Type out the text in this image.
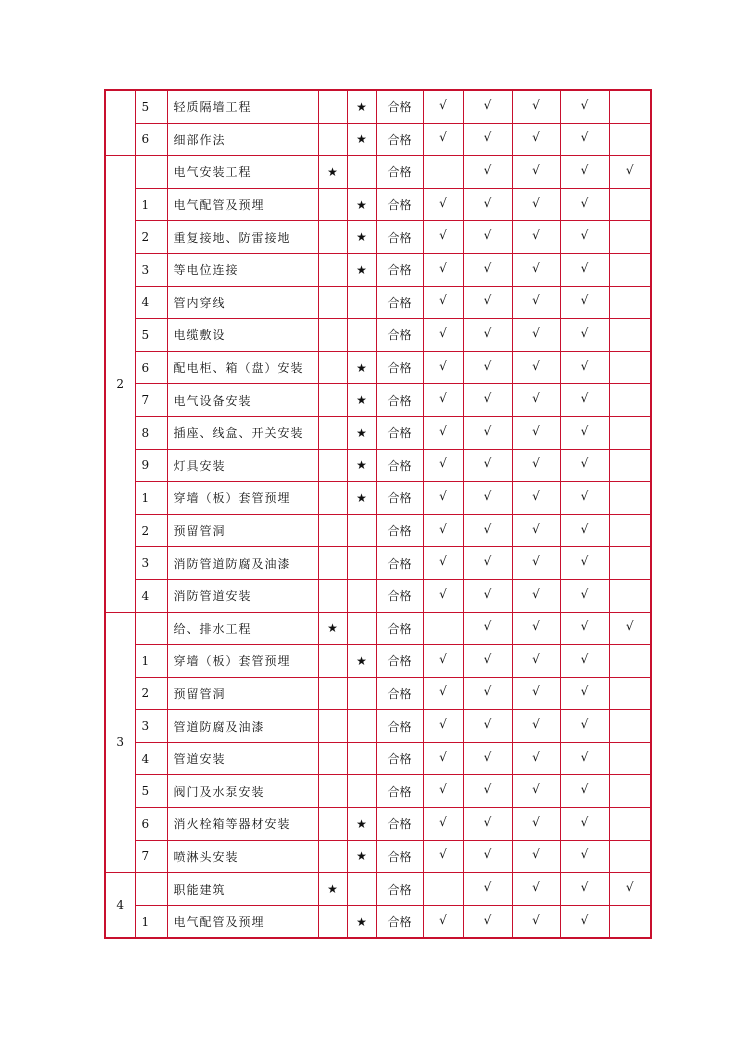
	5	轻质隔墙工程		★	合格	√	√	√	√	
	6	细部作法		★	合格	√	√	√	√	
2		电气安装工程	★		合格		√	√	√	√
	1	电气配管及预埋		★	合格	√	√	√	√	
	2	重复接地、防雷接地		★	合格	√	√	√	√	
	3	等电位连接		★	合格	√	√	√	√	
	4	管内穿线			合格	√	√	√	√	
	5	电缆敷设			合格	√	√	√	√	
	6	配电柜、箱（盘）安装		★	合格	√	√	√	√	
	7	电气设备安装		★	合格	√	√	√	√	
	8	插座、线盒、开关安装		★	合格	√	√	√	√	
	9	灯具安装		★	合格	√	√	√	√	
	1	穿墙（板）套管预埋		★	合格	√	√	√	√	
	2	预留管洞			合格	√	√	√	√	
	3	消防管道防腐及油漆			合格	√	√	√	√	
	4	消防管道安装			合格	√	√	√	√	
3		给、排水工程	★		合格		√	√	√	√
	1	穿墙（板）套管预埋		★	合格	√	√	√	√	
	2	预留管洞			合格	√	√	√	√	
	3	管道防腐及油漆			合格	√	√	√	√	
	4	管道安装			合格	√	√	√	√	
	5	阀门及水泵安装			合格	√	√	√	√	
	6	消火栓箱等器材安装		★	合格	√	√	√	√	
	7	喷淋头安装		★	合格	√	√	√	√	
4		职能建筑	★		合格		√	√	√	√
	1	电气配管及预埋		★	合格	√	√	√	√	
